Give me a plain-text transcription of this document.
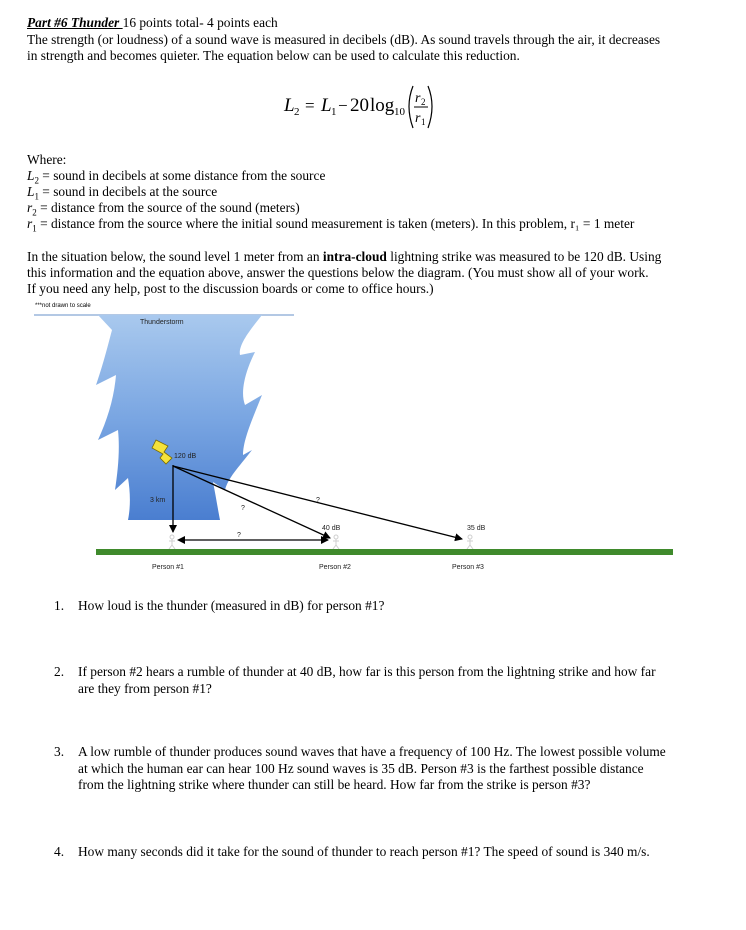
Part #6 Thunder 16 points total- 4 points each
The strength (or loudness) of a sound wave is measured in decibels (dB). As sound travels through the air, it decreases
in strength and becomes quieter. The equation below can be used to calculate this reduction.
L 2 = L 1 − 20 log 10
r 2
r 1
Where:
$L_2$ = sound in decibels at some distance from the source
$L_1$ = sound in decibels at the source
$r_2$ = distance from the source of the sound (meters)
$r_1$ = distance from the source where the initial sound measurement is taken (meters). In this problem, r₁ = 1 meter
In the situation below, the sound level 1 meter from an intra-cloud lightning strike was measured to be 120 dB. Using
this information and the equation above, answer the questions below the diagram. (You must show all of your work.
If you need any help, post to the discussion boards or come to office hours.)
***not drawn to scale
Thunderstorm
120 dB
3 km	?
?
?
40 dB	35 dB
Person #1	Person #2	Person #3
1. How loud is the thunder (measured in dB) for person #1?
2. If person #2 hears a rumble of thunder at 40 dB, how far is this person from the lightning strike and how far
are they from person #1?
3. A low rumble of thunder produces sound waves that have a frequency of 100 Hz. The lowest possible volume
at which the human ear can hear 100 Hz sound waves is 35 dB. Person #3 is the farthest possible distance
from the lightning strike where thunder can still be heard. How far from the strike is person #3?
4. How many seconds did it take for the sound of thunder to reach person #1? The speed of sound is 340 m/s.
